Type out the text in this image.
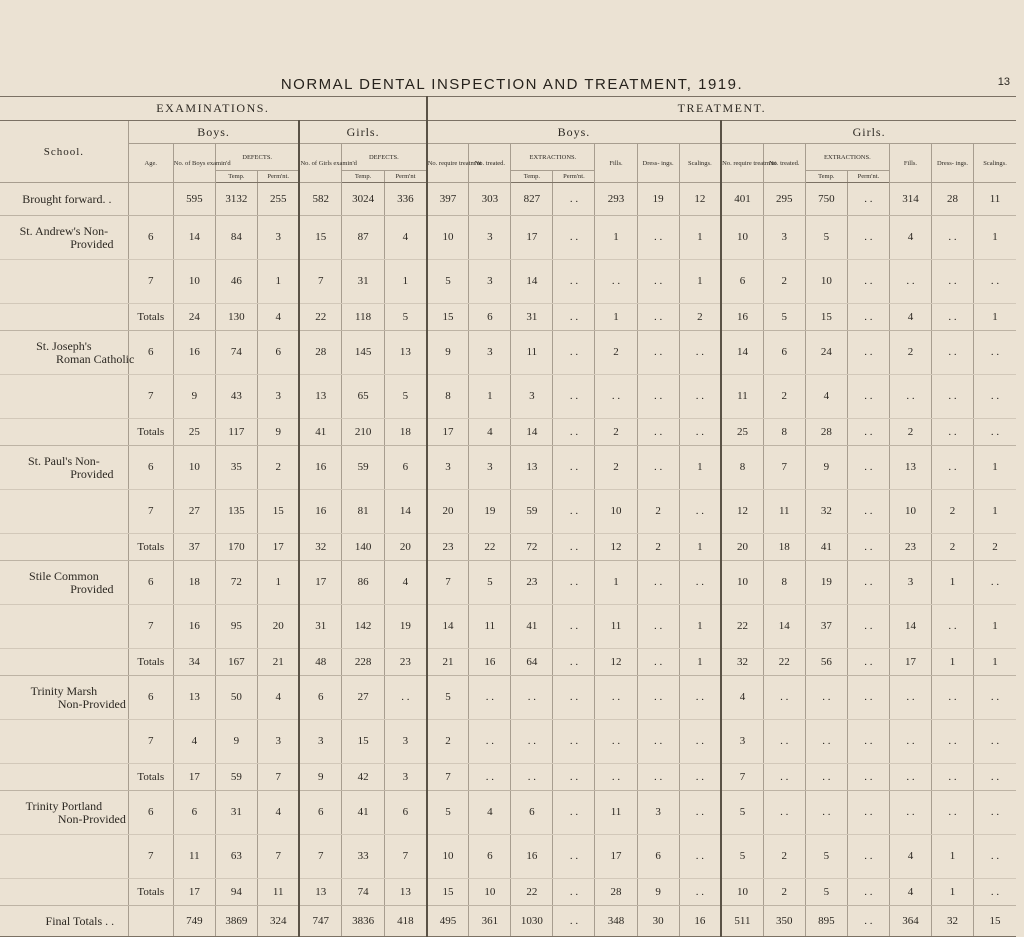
NORMAL DENTAL INSPECTION AND TREATMENT, 1919.	13
EXAMINATIONS.								TREATMENT.													
School.	Boys.				Girls.			Boys.							Girls.						
	Age.	No. of Boys examin'd	DEFECTS.		No. of Girls examin'd	DEFECTS.		No. require treatm'nt	No. treated.	EXTRACTIONS.		Fills.	Dress- ings.	Scalings.	No. require treatm'nt	No. treated.	EXTRACTIONS.		Fills.	Dress- ings.	Scalings.
			Temp.	Perm'nt.		Temp.	Perm'nt			Temp.	Perm'nt.						Temp.	Perm'nt.			
Brought forward. .		595	3132	255	582	3024	336	397	303	827	. .	293	19	12	401	295	750	. .	314	28	11
St. Andrew's Non-
Provided	6	14	84	3	15	87	4	10	3	17	. .	1	. .	1	10	3	5	. .	4	. .	1
	7	10	46	1	7	31	1	5	3	14	. .	. .	. .	1	6	2	10	. .	. .	. .	. .
	Totals	24	130	4	22	118	5	15	6	31	. .	1	. .	2	16	5	15	. .	4	. .	1
St. Joseph's
Roman Catholic	6	16	74	6	28	145	13	9	3	11	. .	2	. .	. .	14	6	24	. .	2	. .	. .
	7	9	43	3	13	65	5	8	1	3	. .	. .	. .	. .	11	2	4	. .	. .	. .	. .
	Totals	25	117	9	41	210	18	17	4	14	. .	2	. .	. .	25	8	28	. .	2	. .	. .
St. Paul's Non-
Provided	6	10	35	2	16	59	6	3	3	13	. .	2	. .	1	8	7	9	. .	13	. .	1
	7	27	135	15	16	81	14	20	19	59	. .	10	2	. .	12	11	32	. .	10	2	1
	Totals	37	170	17	32	140	20	23	22	72	. .	12	2	1	20	18	41	. .	23	2	2
Stile Common
Provided	6	18	72	1	17	86	4	7	5	23	. .	1	. .	. .	10	8	19	. .	3	1	. .
	7	16	95	20	31	142	19	14	11	41	. .	11	. .	1	22	14	37	. .	14	. .	1
	Totals	34	167	21	48	228	23	21	16	64	. .	12	. .	1	32	22	56	. .	17	1	1
Trinity Marsh
Non-Provided	6	13	50	4	6	27	. .	5	. .	. .	. .	. .	. .	. .	4	. .	. .	. .	. .	. .	. .
	7	4	9	3	3	15	3	2	. .	. .	. .	. .	. .	. .	3	. .	. .	. .	. .	. .	. .
	Totals	17	59	7	9	42	3	7	. .	. .	. .	. .	. .	. .	7	. .	. .	. .	. .	. .	. .
Trinity Portland
Non-Provided	6	6	31	4	6	41	6	5	4	6	. .	11	3	. .	5	. .	. .	. .	. .	. .	. .
	7	11	63	7	7	33	7	10	6	16	. .	17	6	. .	5	2	5	. .	4	1	. .
	Totals	17	94	11	13	74	13	15	10	22	. .	28	9	. .	10	2	5	. .	4	1	. .
Final Totals . .		749	3869	324	747	3836	418	495	361	1030	. .	348	30	16	511	350	895	. .	364	32	15
